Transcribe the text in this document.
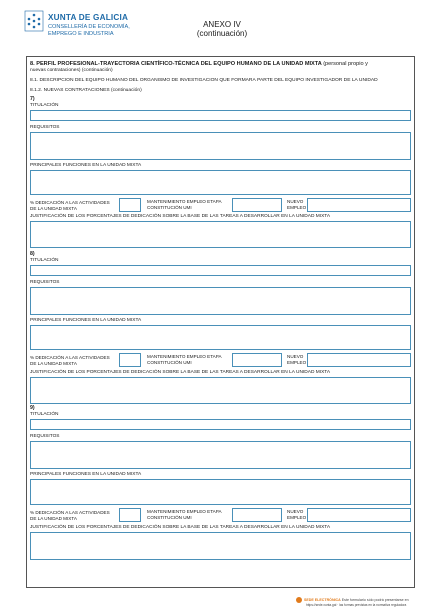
XUNTA DE GALICIA
CONSELLERÍA DE ECONOMÍA,
EMPREGO E INDUSTRIA
ANEXO IV
(continuación)
8. PERFIL PROFESIONAL-TRAYECTORIA CIENTÍFICO-TÉCNICA DEL EQUIPO HUMANO DE LA UNIDAD MIXTA (personal propio y
nuevas contrataciones) (continuación)
8.1. DESCRIPCIÓN DEL EQUIPO HUMANO DEL ORGANISMO DE INVESTIGACIÓN QUE FORMARÁ PARTE DEL EQUIPO INVESTIGADOR DE LA UNIDAD
8.1.2. NUEVAS CONTRATACIONES (continuación)
7)
TITULACIÓN
REQUISITOS
PRINCIPALES FUNCIONES EN LA UNIDAD MIXTA
% DEDICACIÓN A LAS ACTIVIDADES
DE LA UNIDAD MIXTA
MANTENIMIENTO EMPLEO ETAPA
CONSTITUCIÓN UMI
NUEVO
EMPLEO
JUSTIFICACIÓN DE LOS PORCENTAJES DE DEDICACIÓN SOBRE LA BASE DE LAS TAREAS A DESARROLLAR EN LA UNIDAD MIXTA
8)
TITULACIÓN
REQUISITOS
PRINCIPALES FUNCIONES EN LA UNIDAD MIXTA
% DEDICACIÓN A LAS ACTIVIDADES
DE LA UNIDAD MIXTA
MANTENIMIENTO EMPLEO ETAPA
CONSTITUCIÓN UMI
NUEVO
EMPLEO
JUSTIFICACIÓN DE LOS PORCENTAJES DE DEDICACIÓN SOBRE LA BASE DE LAS TAREAS A DESARROLLAR EN LA UNIDAD MIXTA
9)
TITULACIÓN
REQUISITOS
PRINCIPALES FUNCIONES EN LA UNIDAD MIXTA
% DEDICACIÓN A LAS ACTIVIDADES
DE LA UNIDAD MIXTA
MANTENIMIENTO EMPLEO ETAPA
CONSTITUCIÓN UMI
NUEVO
EMPLEO
JUSTIFICACIÓN DE LOS PORCENTAJES DE DEDICACIÓN SOBRE LA BASE DE LAS TAREAS A DESARROLLAR EN LA UNIDAD MIXTA
SEDE ELECTRÓNICA Este formulario sólo podrá presentarse en
https://sede.xunta.gal · las formas previstas en la normativa reguladora
